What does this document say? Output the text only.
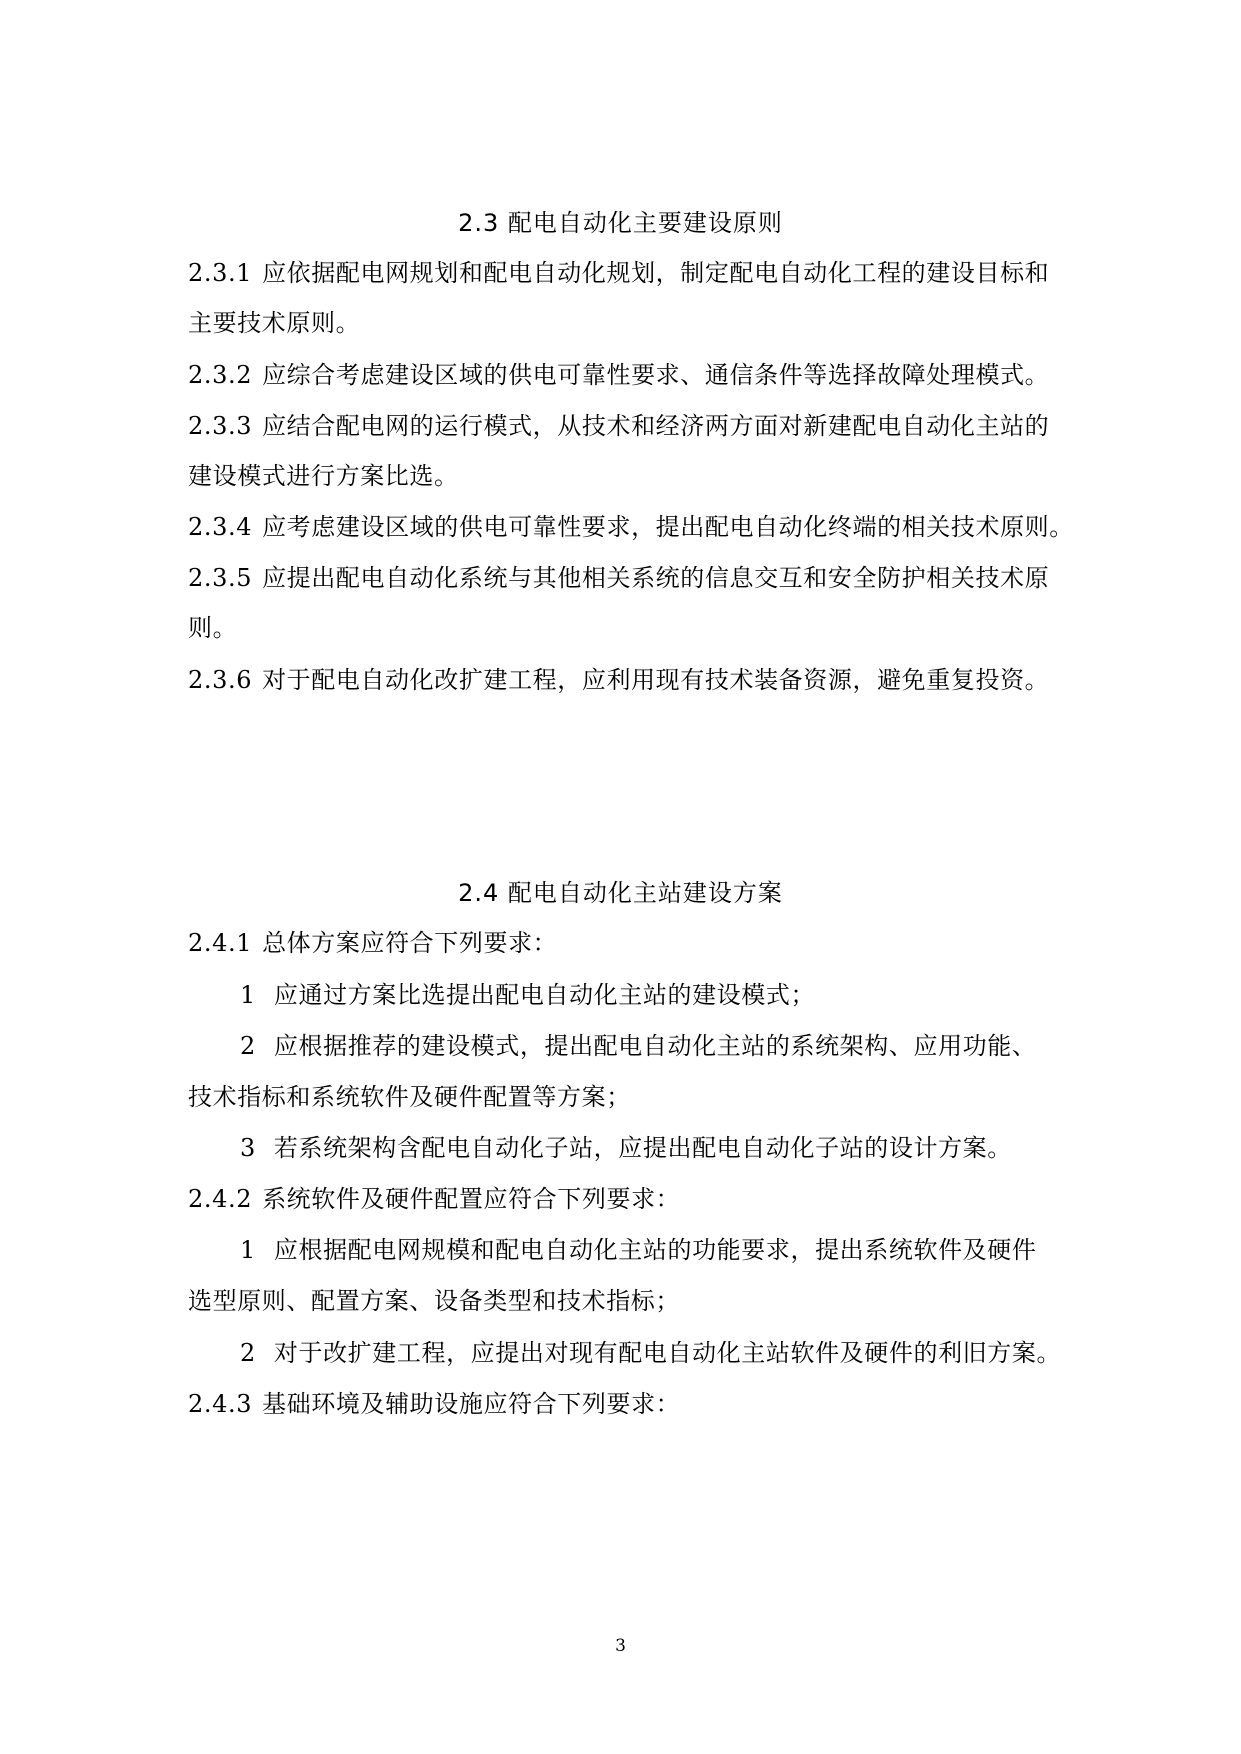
2.3 配电自动化主要建设原则
2.3.1 应依据配电网规划和配电自动化规划，制定配电自动化工程的建设目标和
主要技术原则。
2.3.2 应综合考虑建设区域的供电可靠性要求、通信条件等选择故障处理模式。
2.3.3 应结合配电网的运行模式，从技术和经济两方面对新建配电自动化主站的
建设模式进行方案比选。
2.3.4 应考虑建设区域的供电可靠性要求，提出配电自动化终端的相关技术原则。
2.3.5 应提出配电自动化系统与其他相关系统的信息交互和安全防护相关技术原
则。
2.3.6 对于配电自动化改扩建工程，应利用现有技术装备资源，避免重复投资。
2.4 配电自动化主站建设方案
2.4.1 总体方案应符合下列要求：
1 应通过方案比选提出配电自动化主站的建设模式；
2 应根据推荐的建设模式，提出配电自动化主站的系统架构、应用功能、
技术指标和系统软件及硬件配置等方案；
3 若系统架构含配电自动化子站，应提出配电自动化子站的设计方案。
2.4.2 系统软件及硬件配置应符合下列要求：
1 应根据配电网规模和配电自动化主站的功能要求，提出系统软件及硬件
选型原则、配置方案、设备类型和技术指标；
2 对于改扩建工程，应提出对现有配电自动化主站软件及硬件的利旧方案。
2.4.3 基础环境及辅助设施应符合下列要求：
3
